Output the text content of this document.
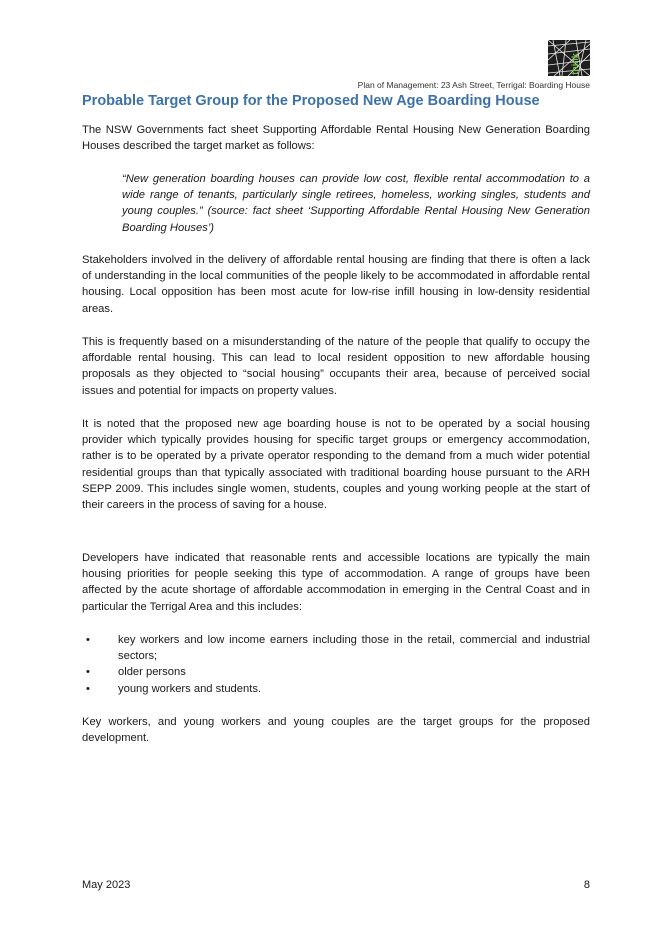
think
Plan of Management: 23 Ash Street, Terrigal: Boarding House
Probable Target Group for the Proposed New Age Boarding House

The NSW Governments fact sheet Supporting Affordable Rental Housing New Generation Boarding Houses described the target market as follows:

“New generation boarding houses can provide low cost, flexible rental accommodation to a wide range of tenants, particularly single retirees, homeless, working singles, students and young couples.” (source: fact sheet ‘Supporting Affordable Rental Housing New Generation Boarding Houses’)

Stakeholders involved in the delivery of affordable rental housing are finding that there is often a lack of understanding in the local communities of the people likely to be accommodated in affordable rental housing. Local opposition has been most acute for low-rise infill housing in low-density residential areas.

This is frequently based on a misunderstanding of the nature of the people that qualify to occupy the affordable rental housing. This can lead to local resident opposition to new affordable housing proposals as they objected to “social housing” occupants their area, because of perceived social issues and potential for impacts on property values.

It is noted that the proposed new age boarding house is not to be operated by a social housing provider which typically provides housing for specific target groups or emergency accommodation, rather is to be operated by a private operator responding to the demand from a much wider potential residential groups than that typically associated with traditional boarding house pursuant to the ARH SEPP 2009. This includes single women, students, couples and young working people at the start of their careers in the process of saving for a house.

Developers have indicated that reasonable rents and accessible locations are typically the main housing priorities for people seeking this type of accommodation. A range of groups have been affected by the acute shortage of affordable accommodation in emerging in the Central Coast and in particular the Terrigal Area and this includes:

• key workers and low income earners including those in the retail, commercial and industrial sectors;
• older persons
• young workers and students.

Key workers, and young workers and young couples are the target groups for the proposed development.

May 2023	8
